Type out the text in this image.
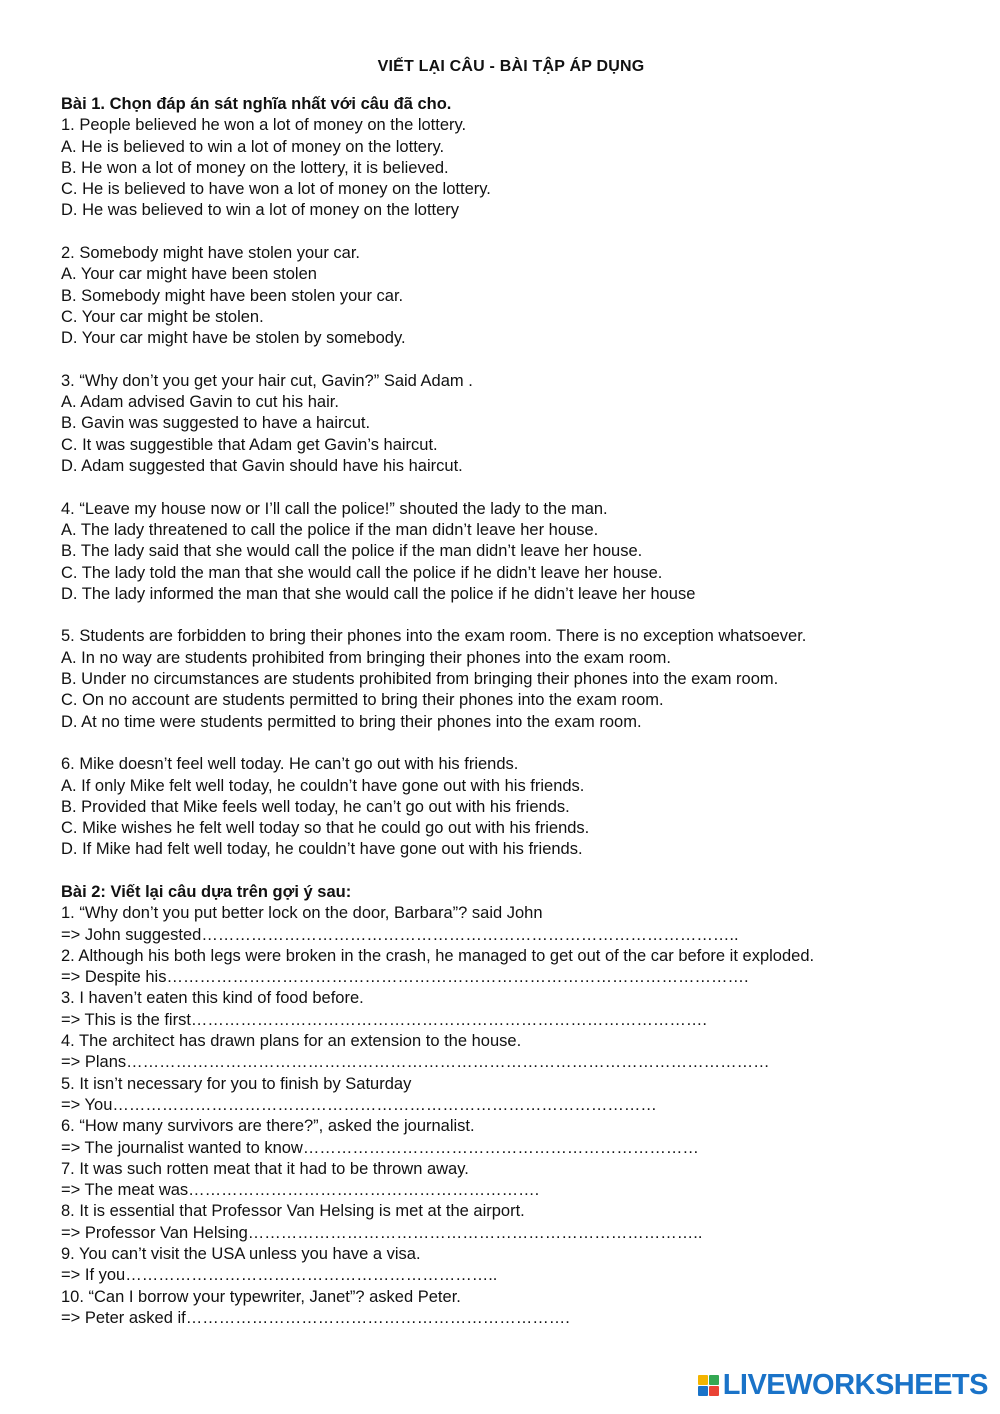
VIẾT LẠI CÂU - BÀI TẬP ÁP DỤNG
Bài 1. Chọn đáp án sát nghĩa nhất với câu đã cho.
1. People believed he won a lot of money on the lottery.
A. He is believed to win a lot of money on the lottery.
B. He won a lot of money on the lottery, it is believed.
C. He is believed to have won a lot of money on the lottery.
D. He was believed to win a lot of money on the lottery
2. Somebody might have stolen your car.
A. Your car might have been stolen
B. Somebody might have been stolen your car.
C. Your car might be stolen.
D. Your car might have be stolen by somebody.
3. “Why don’t you get your hair cut, Gavin?” Said Adam .
A. Adam advised Gavin to cut his hair.
B. Gavin was suggested to have a haircut.
C. It was suggestible that Adam get Gavin’s haircut.
D. Adam suggested that Gavin should have his haircut.
4. “Leave my house now or I’ll call the police!” shouted the lady to the man.
A. The lady threatened to call the police if the man didn’t leave her house.
B. The lady said that she would call the police if the man didn’t leave her house.
C. The lady told the man that she would call the police if he didn’t leave her house.
D. The lady informed the man that she would call the police if he didn’t leave her house
5. Students are forbidden to bring their phones into the exam room. There is no exception whatsoever.
A. In no way are students prohibited from bringing their phones into the exam room.
B. Under no circumstances are students prohibited from bringing their phones into the exam room.
C. On no account are students permitted to bring their phones into the exam room.
D. At no time were students permitted to bring their phones into the exam room.
6. Mike doesn’t feel well today. He can’t go out with his friends.
A. If only Mike felt well today, he couldn’t have gone out with his friends.
B. Provided that Mike feels well today, he can’t go out with his friends.
C. Mike wishes he felt well today so that he could go out with his friends.
D. If Mike had felt well today, he couldn’t have gone out with his friends.
Bài 2: Viết lại câu dựa trên gợi ý sau:
1. “Why don’t you put better lock on the door, Barbara”? said John
=> John suggested……………………………………………………………………………………..
2. Although his both legs were broken in the crash, he managed to get out of the car before it exploded.
=> Despite his…………………………………………………………………………………………….
3. I haven’t eaten this kind of food before.
=> This is the first………………………………………………………………………………….
4. The architect has drawn plans for an extension to the house.
=> Plans………………………………………………………………………………………………………
5. It isn’t necessary for you to finish by Saturday
=> You………………………………………………………………………………………
6. “How many survivors are there?”, asked the journalist.
=> The journalist wanted to know………………………………………………………………
7. It was such rotten meat that it had to be thrown away.
=> The meat was……………………………………………………….
8. It is essential that Professor Van Helsing is met at the airport.
=> Professor Van Helsing………………………………………………………………………..
9. You can’t visit the USA unless you have a visa.
=> If you…………………………………………………………..
10. “Can I borrow your typewriter, Janet”? asked Peter.
=> Peter asked if…………………………………………………………….
LIVEWORKSHEETS
